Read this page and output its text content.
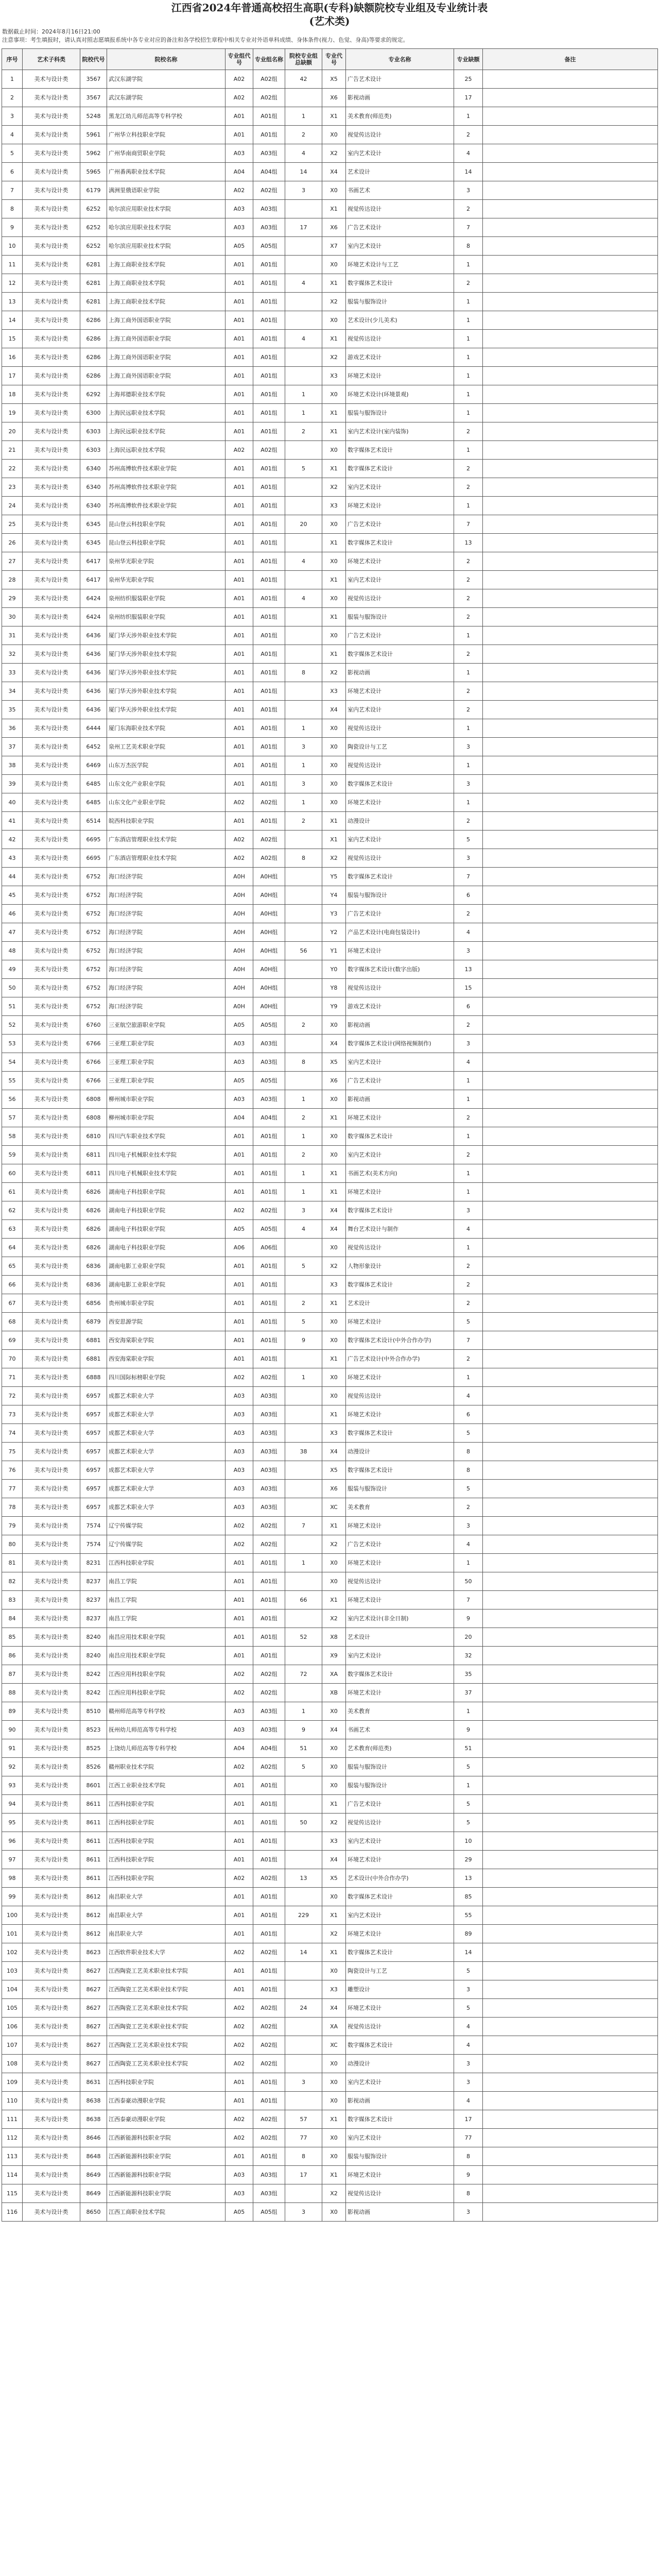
江西省2024年普通高校招生高职(专科)缺额院校专业组及专业统计表
(艺术类)
数据截止时间：2024年8月16日21:00
注意事项：考生填报时，请认真对照志愿填报系统中各专业对应的备注和各学校招生章程中相关专业对外语单科成绩、身体条件(视力、色觉、身高)等要求的规定。
序号	艺术子科类	院校代号	院校名称	专业组代号	专业组名称	院校专业组总缺额	专业代号	专业名称	专业缺额	备注
1	美术与设计类	3567	武汉东湖学院	A02	A02组	42	X5	广告艺术设计	25	
2	美术与设计类	3567	武汉东湖学院	A02	A02组		X6	影视动画	17	
3	美术与设计类	5248	黑龙江幼儿师范高等专科学校	A01	A01组	1	X1	美术教育(师范类)	1	
4	美术与设计类	5961	广州华立科技职业学院	A01	A01组	2	X0	视觉传达设计	2	
5	美术与设计类	5962	广州华南商贸职业学院	A03	A03组	4	X2	室内艺术设计	4	
6	美术与设计类	5965	广州番禺职业技术学院	A04	A04组	14	X4	艺术设计	14	
7	美术与设计类	6179	满洲里俄语职业学院	A02	A02组	3	X0	书画艺术	3	
8	美术与设计类	6252	哈尔滨应用职业技术学院	A03	A03组		X1	视觉传达设计	2	
9	美术与设计类	6252	哈尔滨应用职业技术学院	A03	A03组	17	X6	广告艺术设计	7	
10	美术与设计类	6252	哈尔滨应用职业技术学院	A05	A05组		X7	室内艺术设计	8	
11	美术与设计类	6281	上海工商职业技术学院	A01	A01组		X0	环境艺术设计与工艺	1	
12	美术与设计类	6281	上海工商职业技术学院	A01	A01组	4	X1	数字媒体艺术设计	2	
13	美术与设计类	6281	上海工商职业技术学院	A01	A01组		X2	服装与服饰设计	1	
14	美术与设计类	6286	上海工商外国语职业学院	A01	A01组		X0	艺术设计(少儿美术)	1	
15	美术与设计类	6286	上海工商外国语职业学院	A01	A01组	4	X1	视觉传达设计	1	
16	美术与设计类	6286	上海工商外国语职业学院	A01	A01组		X2	游戏艺术设计	1	
17	美术与设计类	6286	上海工商外国语职业学院	A01	A01组		X3	环境艺术设计	1	
18	美术与设计类	6292	上海邦德职业技术学院	A01	A01组	1	X0	环境艺术设计(环境景观)	1	
19	美术与设计类	6300	上海民远职业技术学院	A01	A01组	1	X1	服装与服饰设计	1	
20	美术与设计类	6303	上海民远职业技术学院	A01	A01组	2	X1	室内艺术设计(室内装饰)	2	
21	美术与设计类	6303	上海民远职业技术学院	A02	A02组		X0	数字媒体艺术设计	1	
22	美术与设计类	6340	苏州高博软件技术职业学院	A01	A01组	5	X1	数字媒体艺术设计	2	
23	美术与设计类	6340	苏州高博软件技术职业学院	A01	A01组		X2	室内艺术设计	2	
24	美术与设计类	6340	苏州高博软件技术职业学院	A01	A01组		X3	环境艺术设计	1	
25	美术与设计类	6345	昆山登云科技职业学院	A01	A01组	20	X0	广告艺术设计	7	
26	美术与设计类	6345	昆山登云科技职业学院	A01	A01组		X1	数字媒体艺术设计	13	
27	美术与设计类	6417	泉州华光职业学院	A01	A01组	4	X0	环境艺术设计	2	
28	美术与设计类	6417	泉州华光职业学院	A01	A01组		X1	室内艺术设计	2	
29	美术与设计类	6424	泉州纺织服装职业学院	A01	A01组	4	X0	视觉传达设计	2	
30	美术与设计类	6424	泉州纺织服装职业学院	A01	A01组		X1	服装与服饰设计	2	
31	美术与设计类	6436	厦门华天涉外职业技术学院	A01	A01组		X0	广告艺术设计	1	
32	美术与设计类	6436	厦门华天涉外职业技术学院	A01	A01组		X1	数字媒体艺术设计	2	
33	美术与设计类	6436	厦门华天涉外职业技术学院	A01	A01组	8	X2	影视动画	1	
34	美术与设计类	6436	厦门华天涉外职业技术学院	A01	A01组		X3	环境艺术设计	2	
35	美术与设计类	6436	厦门华天涉外职业技术学院	A01	A01组		X4	室内艺术设计	2	
36	美术与设计类	6444	厦门东海职业技术学院	A01	A01组	1	X0	视觉传达设计	1	
37	美术与设计类	6452	泉州工艺美术职业学院	A01	A01组	3	X0	陶瓷设计与工艺	3	
38	美术与设计类	6469	山东万杰医学院	A01	A01组	1	X0	视觉传达设计	1	
39	美术与设计类	6485	山东文化产业职业学院	A01	A01组	3	X0	数字媒体艺术设计	3	
40	美术与设计类	6485	山东文化产业职业学院	A02	A02组	1	X0	环境艺术设计	1	
41	美术与设计类	6514	皖西科技职业学院	A01	A01组	2	X1	动漫设计	2	
42	美术与设计类	6695	广东酒店管理职业技术学院	A02	A02组		X1	室内艺术设计	5	
43	美术与设计类	6695	广东酒店管理职业技术学院	A02	A02组	8	X2	视觉传达设计	3	
44	美术与设计类	6752	海口经济学院	A0H	A0H组		Y5	数字媒体艺术设计	7	
45	美术与设计类	6752	海口经济学院	A0H	A0H组		Y4	服装与服饰设计	6	
46	美术与设计类	6752	海口经济学院	A0H	A0H组		Y3	广告艺术设计	2	
47	美术与设计类	6752	海口经济学院	A0H	A0H组		Y2	产品艺术设计(电商包装设计)	4	
48	美术与设计类	6752	海口经济学院	A0H	A0H组	56	Y1	环境艺术设计	3	
49	美术与设计类	6752	海口经济学院	A0H	A0H组		Y0	数字媒体艺术设计(数字出版)	13	
50	美术与设计类	6752	海口经济学院	A0H	A0H组		Y8	视觉传达设计	15	
51	美术与设计类	6752	海口经济学院	A0H	A0H组		Y9	游戏艺术设计	6	
52	美术与设计类	6760	三亚航空旅游职业学院	A05	A05组	2	X0	影视动画	2	
53	美术与设计类	6766	三亚理工职业学院	A03	A03组		X4	数字媒体艺术设计(网络视频制作)	3	
54	美术与设计类	6766	三亚理工职业学院	A03	A03组	8	X5	室内艺术设计	4	
55	美术与设计类	6766	三亚理工职业学院	A05	A05组		X6	广告艺术设计	1	
56	美术与设计类	6808	柳州城市职业学院	A03	A03组	1	X0	影视动画	1	
57	美术与设计类	6808	柳州城市职业学院	A04	A04组	2	X1	环境艺术设计	2	
58	美术与设计类	6810	四川汽车职业技术学院	A01	A01组	1	X0	数字媒体艺术设计	1	
59	美术与设计类	6811	四川电子机械职业技术学院	A01	A01组	2	X0	室内艺术设计	2	
60	美术与设计类	6811	四川电子机械职业技术学院	A01	A01组	1	X1	书画艺术(美术方向)	1	
61	美术与设计类	6826	湖南电子科技职业学院	A01	A01组	1	X1	环境艺术设计	1	
62	美术与设计类	6826	湖南电子科技职业学院	A02	A02组	3	X4	数字媒体艺术设计	3	
63	美术与设计类	6826	湖南电子科技职业学院	A05	A05组	4	X4	舞台艺术设计与制作	4	
64	美术与设计类	6826	湖南电子科技职业学院	A06	A06组		X0	视觉传达设计	1	
65	美术与设计类	6836	湖南电影工业职业学院	A01	A01组	5	X2	人物形象设计	2	
66	美术与设计类	6836	湖南电影工业职业学院	A01	A01组		X3	数字媒体艺术设计	2	
67	美术与设计类	6856	贵州城市职业学院	A01	A01组	2	X1	艺术设计	2	
68	美术与设计类	6879	西安思源学院	A01	A01组	5	X0	环境艺术设计	5	
69	美术与设计类	6881	西安海棠职业学院	A01	A01组	9	X0	数字媒体艺术设计(中外合作办学)	7	
70	美术与设计类	6881	西安海棠职业学院	A01	A01组		X1	广告艺术设计(中外合作办学)	2	
71	美术与设计类	6888	四川国际标榜职业学院	A02	A02组	1	X0	环境艺术设计	1	
72	美术与设计类	6957	成都艺术职业大学	A03	A03组		X0	视觉传达设计	4	
73	美术与设计类	6957	成都艺术职业大学	A03	A03组		X1	环境艺术设计	6	
74	美术与设计类	6957	成都艺术职业大学	A03	A03组		X3	数字媒体艺术设计	5	
75	美术与设计类	6957	成都艺术职业大学	A03	A03组	38	X4	动漫设计	8	
76	美术与设计类	6957	成都艺术职业大学	A03	A03组		X5	数字媒体艺术设计	8	
77	美术与设计类	6957	成都艺术职业大学	A03	A03组		X6	服装与服饰设计	5	
78	美术与设计类	6957	成都艺术职业大学	A03	A03组		XC	美术教育	2	
79	美术与设计类	7574	辽宁传媒学院	A02	A02组	7	X1	环境艺术设计	3	
80	美术与设计类	7574	辽宁传媒学院	A02	A02组		X2	广告艺术设计	4	
81	美术与设计类	8231	江西科技职业学院	A01	A01组	1	X0	环境艺术设计	1	
82	美术与设计类	8237	南昌工学院	A01	A01组		X0	视觉传达设计	50	
83	美术与设计类	8237	南昌工学院	A01	A01组	66	X1	环境艺术设计	7	
84	美术与设计类	8237	南昌工学院	A01	A01组		X2	室内艺术设计(非全日制)	9	
85	美术与设计类	8240	南昌应用技术职业学院	A01	A01组	52	X8	艺术设计	20	
86	美术与设计类	8240	南昌应用技术职业学院	A01	A01组		X9	室内艺术设计	32	
87	美术与设计类	8242	江西应用科技职业学院	A02	A02组	72	XA	数字媒体艺术设计	35	
88	美术与设计类	8242	江西应用科技职业学院	A02	A02组		XB	环境艺术设计	37	
89	美术与设计类	8510	赣州师范高等专科学校	A03	A03组	1	X0	美术教育	1	
90	美术与设计类	8523	抚州幼儿师范高等专科学校	A03	A03组	9	X4	书画艺术	9	
91	美术与设计类	8525	上饶幼儿师范高等专科学校	A04	A04组	51	X0	艺术教育(师范类)	51	
92	美术与设计类	8526	赣州职业技术学院	A02	A02组	5	X0	服装与服饰设计	5	
93	美术与设计类	8601	江西工业职业技术学院	A01	A01组		X0	服装与服饰设计	1	
94	美术与设计类	8611	江西科技职业学院	A01	A01组		X1	广告艺术设计	5	
95	美术与设计类	8611	江西科技职业学院	A01	A01组	50	X2	视觉传达设计	5	
96	美术与设计类	8611	江西科技职业学院	A01	A01组		X3	室内艺术设计	10	
97	美术与设计类	8611	江西科技职业学院	A01	A01组		X4	环境艺术设计	29	
98	美术与设计类	8611	江西科技职业学院	A02	A02组	13	X5	艺术设计(中外合作办学)	13	
99	美术与设计类	8612	南昌职业大学	A01	A01组		X0	数字媒体艺术设计	85	
100	美术与设计类	8612	南昌职业大学	A01	A01组	229	X1	室内艺术设计	55	
101	美术与设计类	8612	南昌职业大学	A01	A01组		X2	环境艺术设计	89	
102	美术与设计类	8623	江西软件职业技术大学	A02	A02组	14	X1	数字媒体艺术设计	14	
103	美术与设计类	8627	江西陶瓷工艺美术职业技术学院	A01	A01组		X0	陶瓷设计与工艺	5	
104	美术与设计类	8627	江西陶瓷工艺美术职业技术学院	A01	A01组		X3	雕塑设计	3	
105	美术与设计类	8627	江西陶瓷工艺美术职业技术学院	A02	A02组	24	X4	环境艺术设计	5	
106	美术与设计类	8627	江西陶瓷工艺美术职业技术学院	A02	A02组		XA	视觉传达设计	4	
107	美术与设计类	8627	江西陶瓷工艺美术职业技术学院	A02	A02组		XC	数字媒体艺术设计	4	
108	美术与设计类	8627	江西陶瓷工艺美术职业技术学院	A02	A02组		X0	动漫设计	3	
109	美术与设计类	8631	江西科技职业学院	A01	A01组	3	X0	室内艺术设计	3	
110	美术与设计类	8638	江西泰豪动漫职业学院	A01	A01组		X0	影视动画	4	
111	美术与设计类	8638	江西泰豪动漫职业学院	A02	A02组	57	X1	数字媒体艺术设计	17	
112	美术与设计类	8646	江西新能源科技职业学院	A02	A02组	77	X0	室内艺术设计	77	
113	美术与设计类	8648	江西新能源科技职业学院	A01	A01组	8	X0	服装与服饰设计	8	
114	美术与设计类	8649	江西新能源科技职业学院	A03	A03组	17	X1	环境艺术设计	9	
115	美术与设计类	8649	江西新能源科技职业学院	A03	A03组		X2	视觉传达设计	8	
116	美术与设计类	8650	江西工商职业技术学院	A05	A05组	3	X0	影视动画	3	
